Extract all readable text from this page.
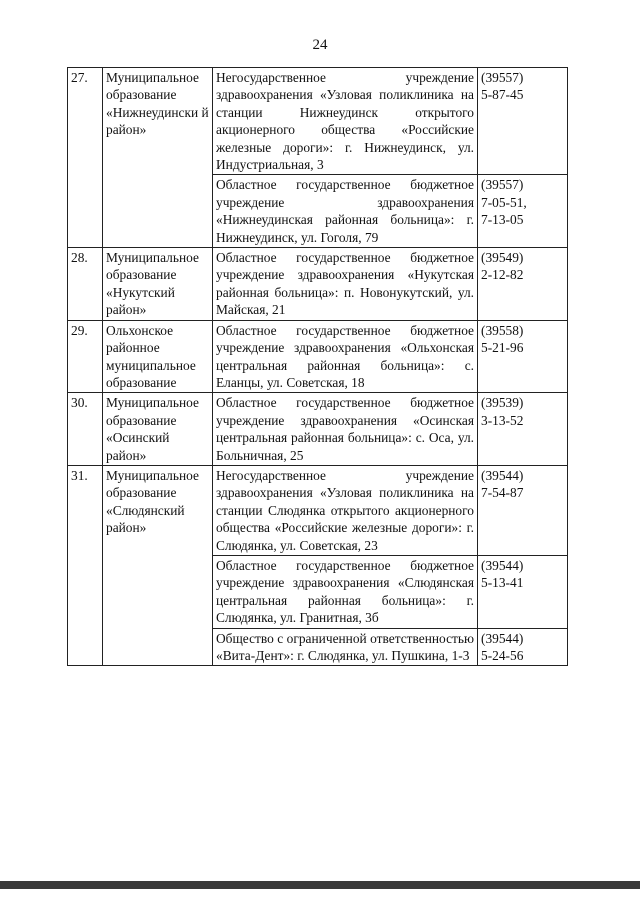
24
27.	Муниципальное образование «Нижнеудински й район»	Негосударственное учреждение здравоохранения «Узловая поликлиника на станции Нижнеудинск открытого акционерного общества «Российские железные дороги»: г. Нижнеудинск, ул. Индустриальная, 3	(39557)
5-87-45
		Областное государственное бюджетное учреждение здравоохранения «Нижнеудинская районная больница»: г. Нижнеудинск, ул. Гоголя, 79	(39557)
7-05-51,
7-13-05
28.	Муниципальное образование «Нукутский район»	Областное государственное бюджетное учреждение здравоохранения «Нукутская районная больница»: п. Новонукутский, ул. Майская, 21	(39549)
2-12-82
29.	Ольхонское районное муниципальное образование	Областное государственное бюджетное учреждение здравоохранения «Ольхонская центральная районная больница»: с. Еланцы, ул. Советская, 18	(39558)
5-21-96
30.	Муниципальное образование «Осинский район»	Областное государственное бюджетное учреждение здравоохранения «Осинская центральная районная больница»: с. Оса, ул. Больничная, 25	(39539)
3-13-52
31.	Муниципальное образование «Слюдянский район»	Негосударственное учреждение здравоохранения «Узловая поликлиника на станции Слюдянка открытого акционерного общества «Российские железные дороги»: г. Слюдянка, ул. Советская, 23	(39544)
7-54-87
		Областное государственное бюджетное учреждение здравоохранения «Слюдянская центральная районная больница»: г. Слюдянка, ул. Гранитная, 3б	(39544)
5-13-41
		Общество с ограниченной ответственностью «Вита-Дент»: г. Слюдянка, ул. Пушкина, 1-3	(39544)
5-24-56
